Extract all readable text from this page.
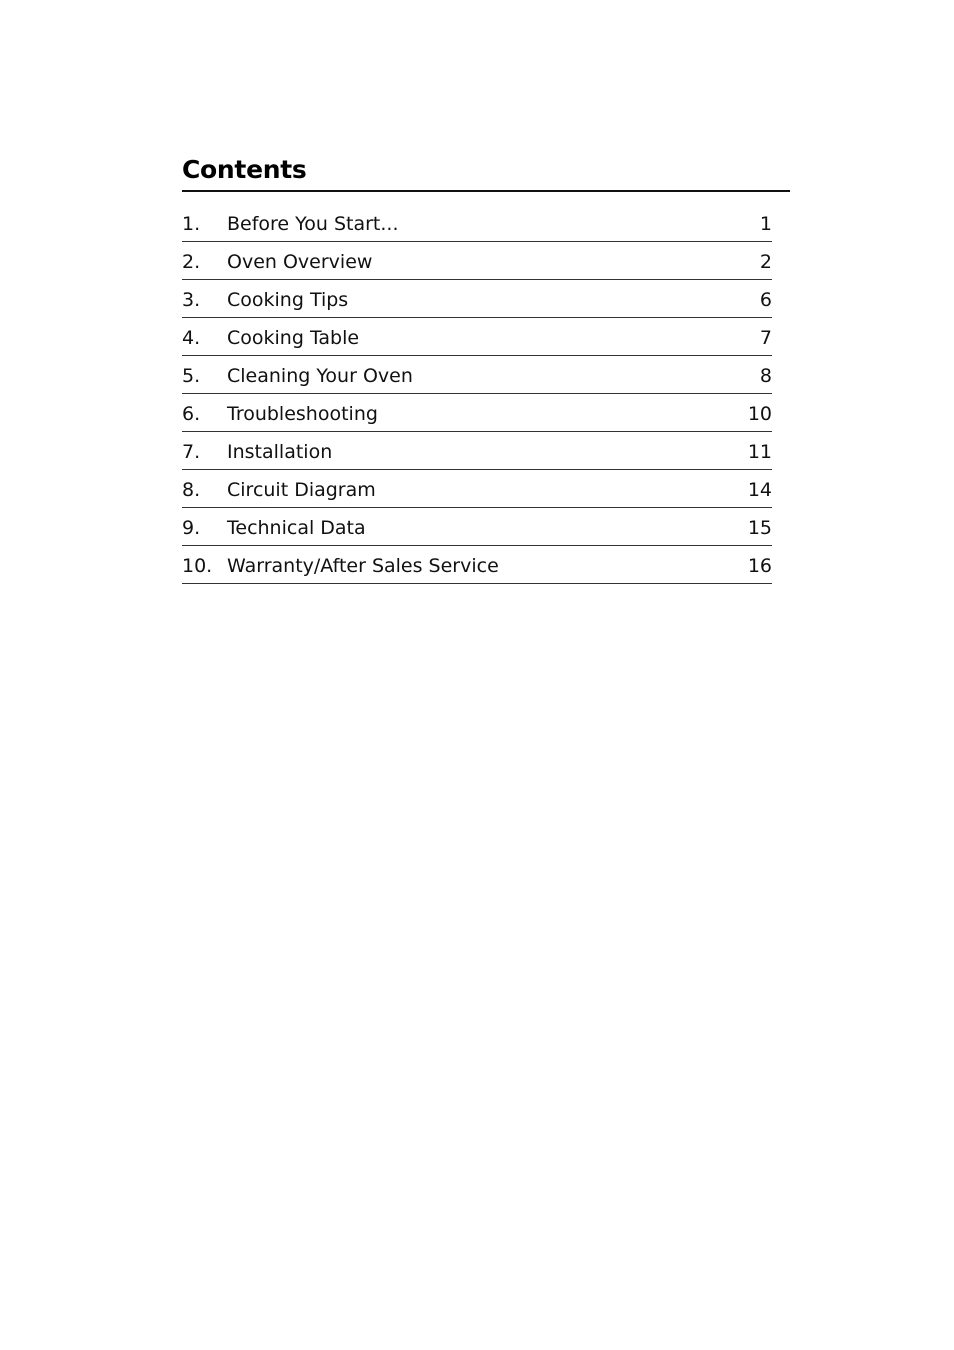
Contents
1. Before You Start...	1
2. Oven Overview	2
3. Cooking Tips	6
4. Cooking Table	7
5. Cleaning Your Oven	8
6. Troubleshooting	10
7. Installation	11
8. Circuit Diagram	14
9. Technical Data	15
10. Warranty/After Sales Service	16
